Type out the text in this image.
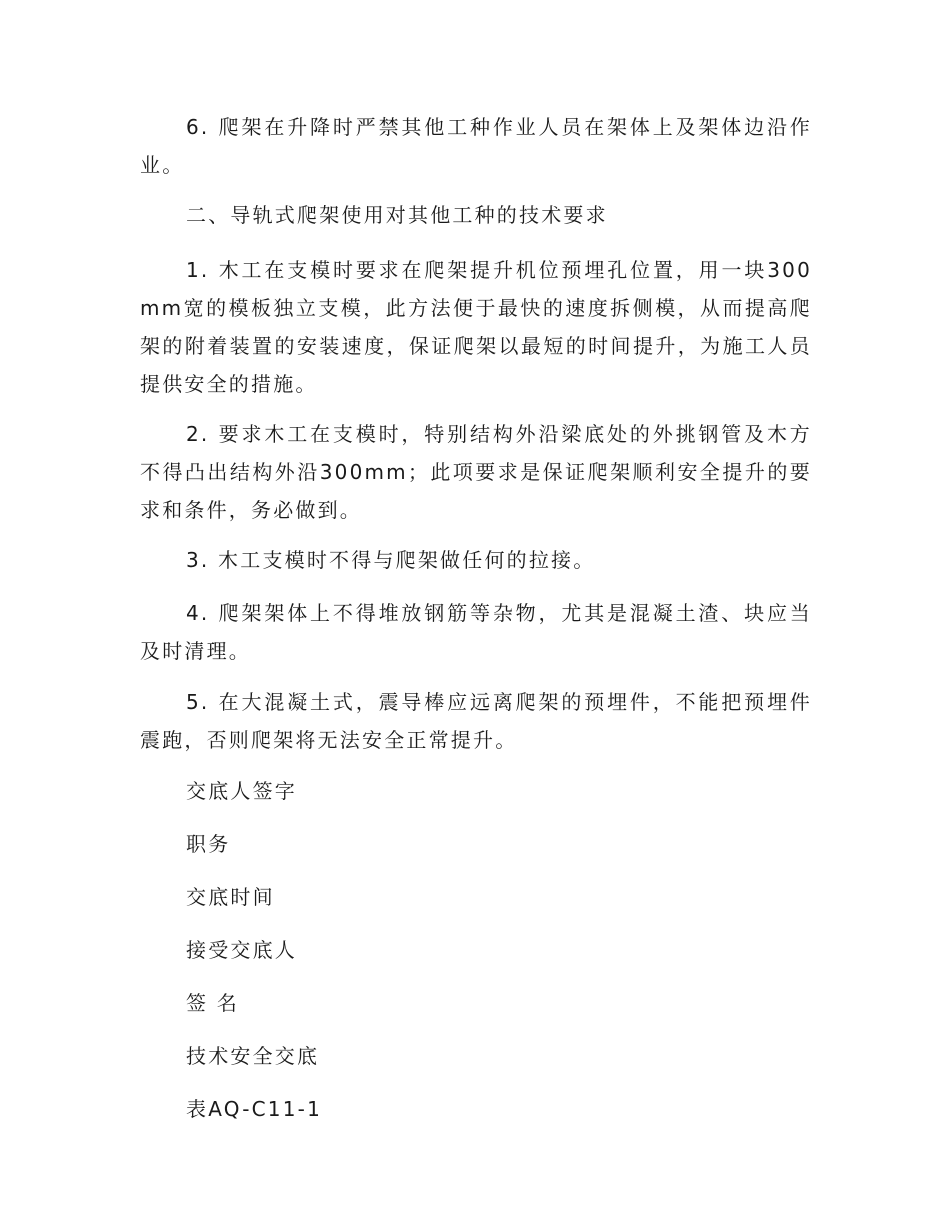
6. 爬架在升降时严禁其他工种作业人员在架体上及架体边沿作业。

二、导轨式爬架使用对其他工种的技术要求

1. 木工在支模时要求在爬架提升机位预埋孔位置，用一块300mm宽的模板独立支模，此方法便于最快的速度拆侧模，从而提高爬架的附着装置的安装速度，保证爬架以最短的时间提升，为施工人员提供安全的措施。

2. 要求木工在支模时，特别结构外沿梁底处的外挑钢管及木方不得凸出结构外沿300mm；此项要求是保证爬架顺利安全提升的要求和条件，务必做到。

3. 木工支模时不得与爬架做任何的拉接。

4. 爬架架体上不得堆放钢筋等杂物，尤其是混凝土渣、块应当及时清理。

5. 在大混凝土式，震导棒应远离爬架的预埋件，不能把预埋件震跑，否则爬架将无法安全正常提升。

交底人签字

职务

交底时间

接受交底人

签 名

技术安全交底

表AQ-C11-1
